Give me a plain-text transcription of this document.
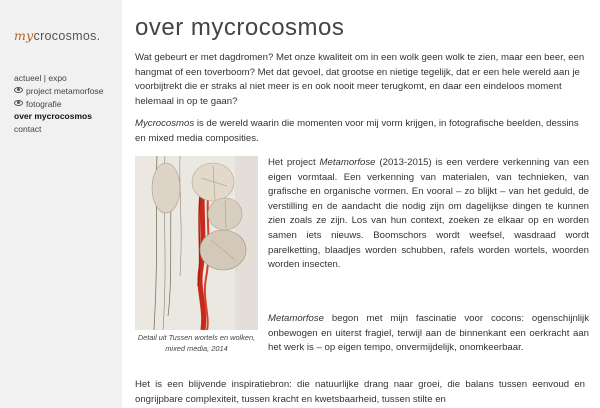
mycrocosmos.
actueel | expo
project metamorfose
fotografie
over mycrocosmos
contact
over mycrocosmos

Wat gebeurt er met dagdromen? Met onze kwaliteit om in een wolk geen wolk te zien, maar een beer, een hangmat of een toverboom? Met dat gevoel, dat grootse en nietige tegelijk, dat er een hele wereld aan je voorbijtrekt die er straks al niet meer is en ook nooit meer terugkomt, en daar een eindeloos moment helemaal in op te gaan?

Mycrocosmos is de wereld waarin die momenten voor mij vorm krijgen, in fotografische beelden, dessins en mixed media composities.

Detail uit Tussen wortels en wolken, mixed media, 2014

Het project Metamorfose (2013-2015) is een verdere verkenning van een eigen vormtaal. Een verkenning van materialen, van technieken, van grafische en organische vormen. En vooral – zo blijkt – van het geduld, de verstilling en de aandacht die nodig zijn om dagelijkse dingen te kunnen zien zoals ze zijn. Los van hun context, zoeken ze elkaar op en worden samen iets nieuws. Boomschors wordt weefsel, wasdraad wordt parelketting, blaadjes worden schubben, rafels worden wortels, woorden worden insecten.

Metamorfose begon met mijn fascinatie voor cocons: ogenschijnlijk onbewogen en uiterst fragiel, terwijl aan de binnenkant een oerkracht aan het werk is – op eigen tempo, onvermijdelijk, onomkeerbaar.

Het is een blijvende inspiratiebron: die natuurlijke drang naar groei, die balans tussen eenvoud en ongrijpbare complexiteit, tussen kracht en kwetsbaarheid, tussen stilte en
